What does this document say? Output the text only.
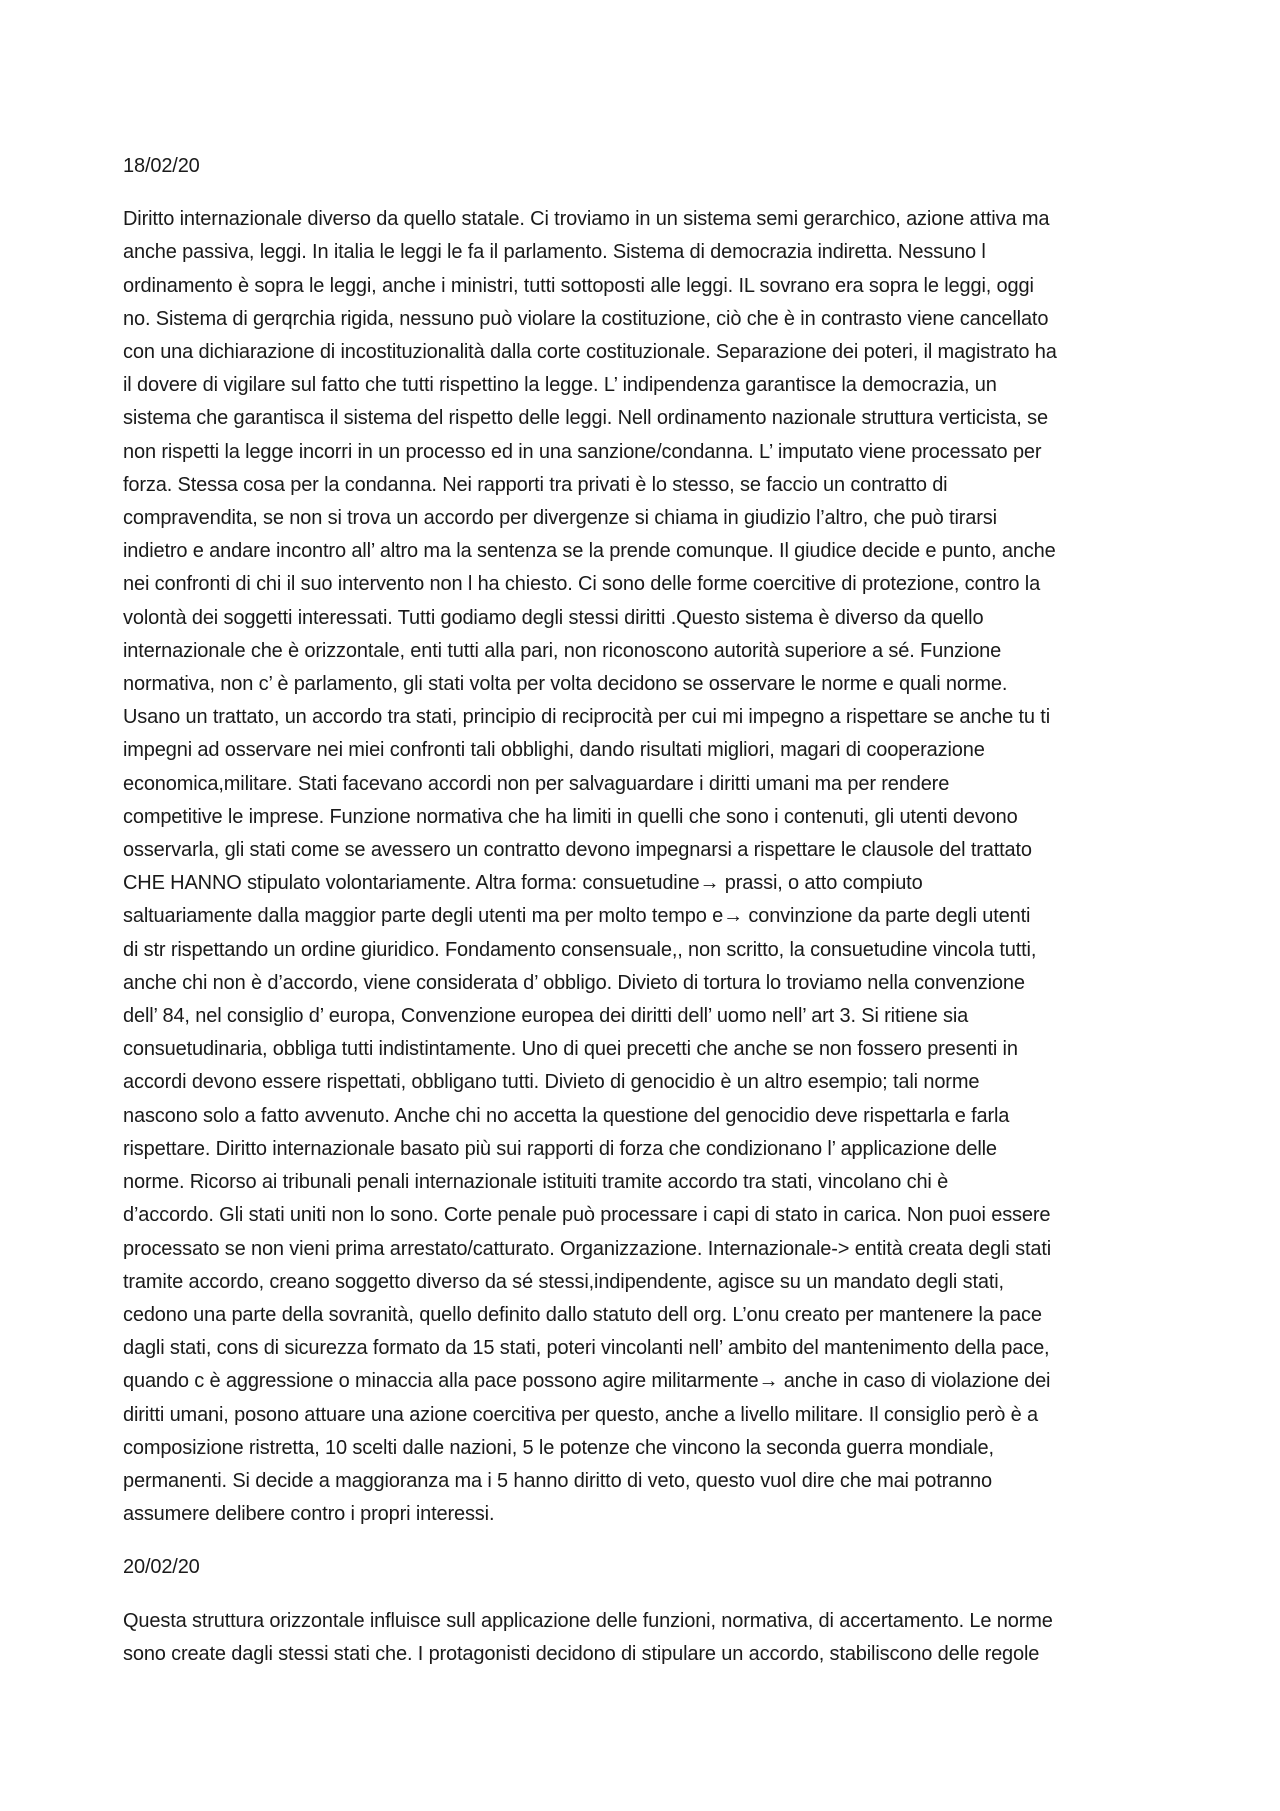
18/02/20
Diritto internazionale diverso da quello statale. Ci troviamo in un sistema semi gerarchico, azione attiva ma
anche passiva, leggi. In italia le leggi le fa il parlamento. Sistema di democrazia indiretta. Nessuno l
ordinamento è sopra le leggi, anche i ministri, tutti sottoposti alle leggi. IL sovrano era sopra le leggi, oggi
no. Sistema di gerqrchia rigida, nessuno può violare la costituzione, ciò che è in contrasto viene cancellato
con una dichiarazione di incostituzionalità dalla corte costituzionale. Separazione dei poteri, il magistrato ha
il dovere di vigilare sul fatto che tutti rispettino la legge. L’ indipendenza garantisce la democrazia, un
sistema che garantisca il sistema del rispetto delle leggi. Nell ordinamento nazionale struttura verticista, se
non rispetti la legge incorri in un processo ed in una sanzione/condanna. L’ imputato viene processato per
forza. Stessa cosa per la condanna. Nei rapporti tra privati è lo stesso, se faccio un contratto di
compravendita, se non si trova un accordo per divergenze si chiama in giudizio l’altro, che può tirarsi
indietro e andare incontro all’ altro ma la sentenza se la prende comunque. Il giudice decide e punto, anche
nei confronti di chi il suo intervento non l ha chiesto. Ci sono delle forme coercitive di protezione, contro la
volontà dei soggetti interessati. Tutti godiamo degli stessi diritti .Questo sistema è diverso da quello
internazionale che è orizzontale, enti tutti alla pari, non riconoscono autorità superiore a sé. Funzione
normativa, non c’ è parlamento, gli stati volta per volta decidono se osservare le norme e quali norme.
Usano un trattato, un accordo tra stati, principio di reciprocità per cui mi impegno a rispettare se anche tu ti
impegni ad osservare nei miei confronti tali obblighi, dando risultati migliori, magari di cooperazione
economica,militare. Stati facevano accordi non per salvaguardare i diritti umani ma per rendere
competitive le imprese. Funzione normativa che ha limiti in quelli che sono i contenuti, gli utenti devono
osservarla, gli stati come se avessero un contratto devono impegnarsi a rispettare le clausole del trattato
CHE HANNO stipulato volontariamente. Altra forma: consuetudine→ prassi, o atto compiuto
saltuariamente dalla maggior parte degli utenti ma per molto tempo e→ convinzione da parte degli utenti
di str rispettando un ordine giuridico. Fondamento consensuale,, non scritto, la consuetudine vincola tutti,
anche chi non è d’accordo, viene considerata d’ obbligo. Divieto di tortura lo troviamo nella convenzione
dell’ 84, nel consiglio d’ europa, Convenzione europea dei diritti dell’ uomo nell’ art 3. Si ritiene sia
consuetudinaria, obbliga tutti indistintamente. Uno di quei precetti che anche se non fossero presenti in
accordi devono essere rispettati, obbligano tutti. Divieto di genocidio è un altro esempio; tali norme
nascono solo a fatto avvenuto. Anche chi no accetta la questione del genocidio deve rispettarla e farla
rispettare. Diritto internazionale basato più sui rapporti di forza che condizionano l’ applicazione delle
norme. Ricorso ai tribunali penali internazionale istituiti tramite accordo tra stati, vincolano chi è
d’accordo. Gli stati uniti non lo sono. Corte penale può processare i capi di stato in carica. Non puoi essere
processato se non vieni prima arrestato/catturato. Organizzazione. Internazionale-> entità creata degli stati
tramite accordo, creano soggetto diverso da sé stessi,indipendente, agisce su un mandato degli stati,
cedono una parte della sovranità, quello definito dallo statuto dell org. L’onu creato per mantenere la pace
dagli stati, cons di sicurezza formato da 15 stati, poteri vincolanti nell’ ambito del mantenimento della pace,
quando c è aggressione o minaccia alla pace possono agire militarmente→ anche in caso di violazione dei
diritti umani, posono attuare una azione coercitiva per questo, anche a livello militare. Il consiglio però è a
composizione ristretta, 10 scelti dalle nazioni, 5 le potenze che vincono la seconda guerra mondiale,
permanenti. Si decide a maggioranza ma i 5 hanno diritto di veto, questo vuol dire che mai potranno
assumere delibere contro i propri interessi.
20/02/20
Questa struttura orizzontale influisce sull applicazione delle funzioni, normativa, di accertamento. Le norme
sono create dagli stessi stati che. I protagonisti decidono di stipulare un accordo, stabiliscono delle regole
